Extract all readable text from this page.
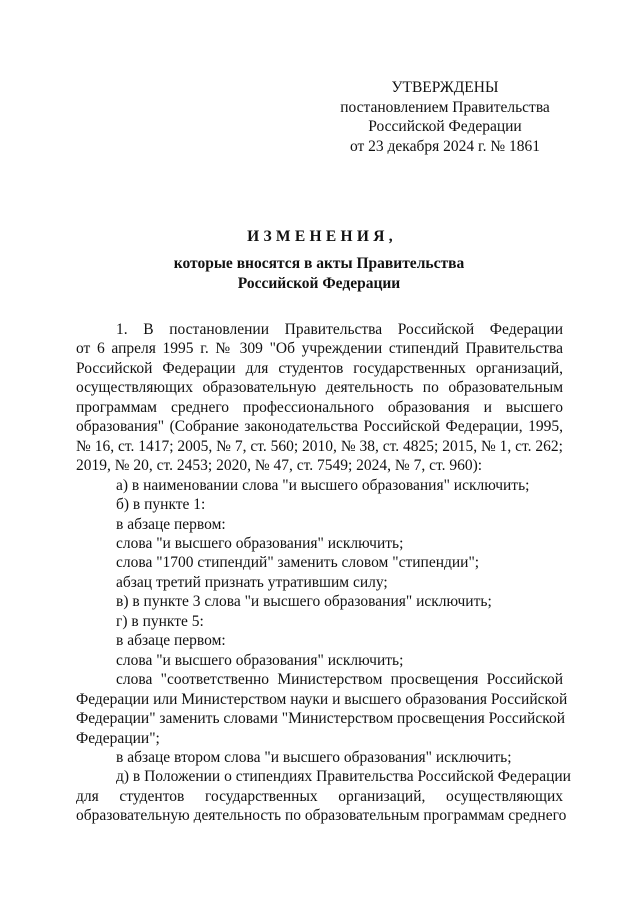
УТВЕРЖДЕНЫ
постановлением Правительства
Российской Федерации
от 23 декабря 2024 г. № 1861
ИЗМЕНЕНИЯ,
которые вносятся в акты Правительства
Российской Федерации

1. В постановлении Правительства Российской Федерации

от 6 апреля 1995 г. № 309 "Об учреждении стипендий Правительства

Российской Федерации для студентов государственных организаций,

осуществляющих образовательную деятельность по образовательным

программам среднего профессионального образования и высшего

образования" (Собрание законодательства Российской Федерации, 1995,

№ 16, ст. 1417; 2005, № 7, ст. 560; 2010, № 38, ст. 4825; 2015, № 1, ст. 262;

2019, № 20, ст. 2453; 2020, № 47, ст. 7549; 2024, № 7, ст. 960):

а) в наименовании слова "и высшего образования" исключить;

б) в пункте 1:

в абзаце первом:

слова "и высшего образования" исключить;

слова "1700 стипендий" заменить словом "стипендии";

абзац третий признать утратившим силу;

в) в пункте 3 слова "и высшего образования" исключить;

г) в пункте 5:

в абзаце первом:

слова "и высшего образования" исключить;

слова "соответственно Министерством просвещения Российской

Федерации или Министерством науки и высшего образования Российской

Федерации" заменить словами "Министерством просвещения Российской

Федерации";

в абзаце втором слова "и высшего образования" исключить;

д) в Положении о стипендиях Правительства Российской Федерации

для студентов государственных организаций, осуществляющих

образовательную деятельность по образовательным программам среднего
